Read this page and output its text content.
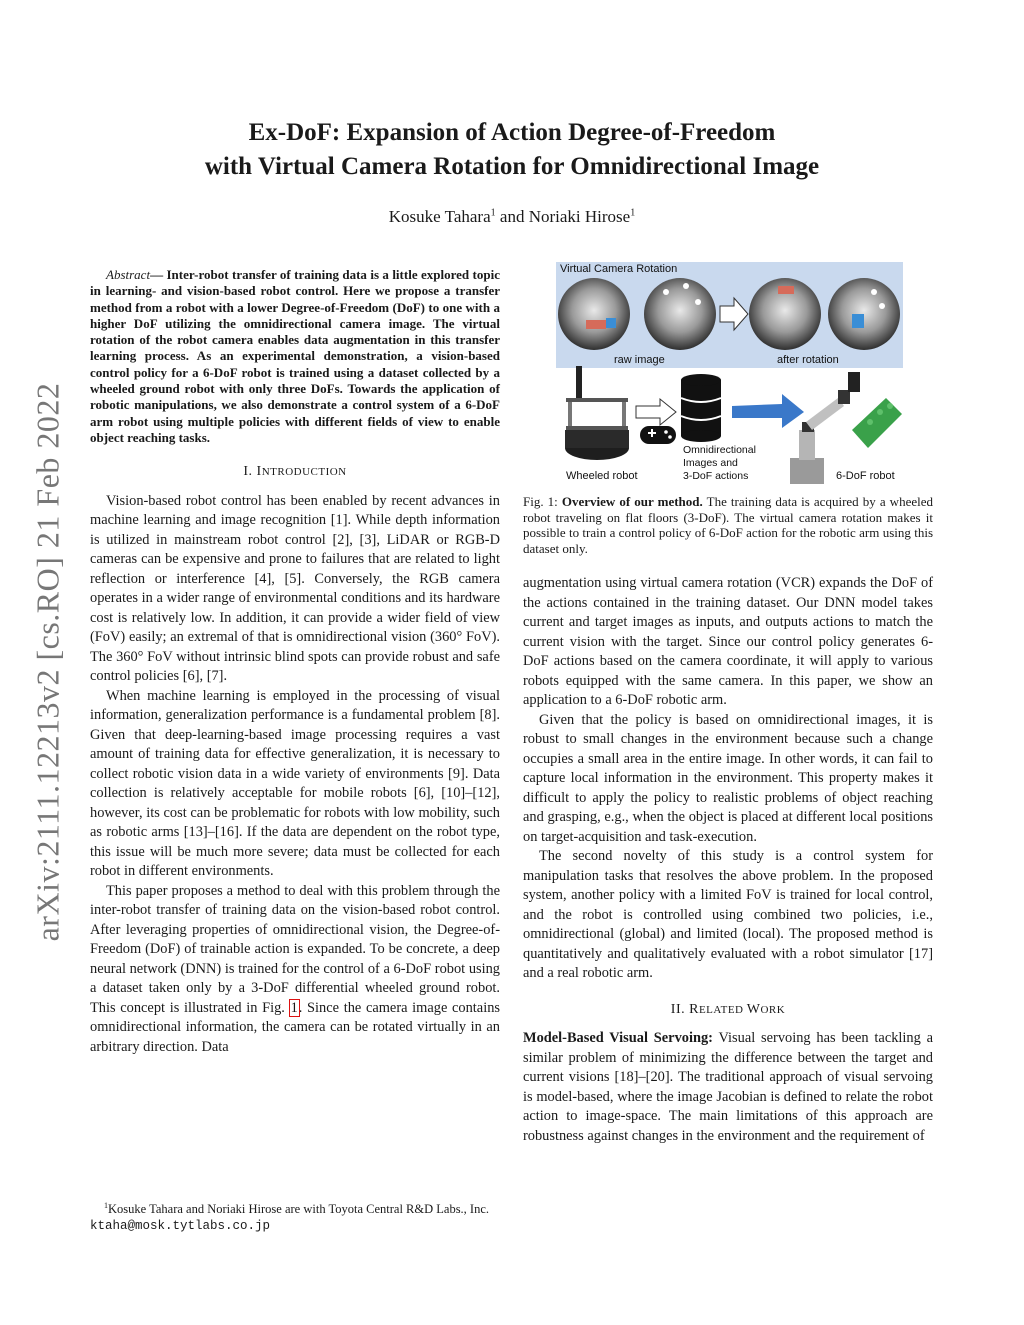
arXiv:2111.12213v2 [cs.RO] 21 Feb 2022
Ex-DoF: Expansion of Action Degree-of-Freedom
with Virtual Camera Rotation for Omnidirectional Image
Kosuke Tahara$^1$ and Noriaki Hirose$^1$

Abstract— Inter-robot transfer of training data is a little explored topic in learning- and vision-based robot control. Here we propose a transfer method from a robot with a lower Degree-of-Freedom (DoF) to one with a higher DoF utilizing the omnidirectional camera image. The virtual rotation of the robot camera enables data augmentation in this transfer learning process. As an experimental demonstration, a vision-based control policy for a 6-DoF robot is trained using a dataset collected by a wheeled ground robot with only three DoFs. Towards the application of robotic manipulations, we also demonstrate a control system of a 6-DoF arm robot using multiple policies with different fields of view to enable object reaching tasks.

I. INTRODUCTION

Vision-based robot control has been enabled by recent advances in machine learning and image recognition [1]. While depth information is utilized in mainstream robot control [2], [3], LiDAR or RGB-D cameras can be expensive and prone to failures that are related to light reflection or interference [4], [5]. Conversely, the RGB camera operates in a wider range of environmental conditions and its hardware cost is relatively low. In addition, it can provide a wider field of view (FoV) easily; an extremal of that is omnidirectional vision (360° FoV). The 360° FoV without intrinsic blind spots can provide robust and safe control policies [6], [7].

When machine learning is employed in the processing of visual information, generalization performance is a fundamental problem [8]. Given that deep-learning-based image processing requires a vast amount of training data for effective generalization, it is necessary to collect robotic vision data in a wide variety of environments [9]. Data collection is relatively acceptable for mobile robots [6], [10]–[12], however, its cost can be problematic for robots with low mobility, such as robotic arms [13]–[16]. If the data are dependent on the robot type, this issue will be much more severe; data must be collected for each robot in different environments.

This paper proposes a method to deal with this problem through the inter-robot transfer of training data on the vision-based robot control. After leveraging properties of omnidirectional vision, the Degree-of-Freedom (DoF) of trainable action is expanded. To be concrete, a deep neural network (DNN) is trained for the control of a 6-DoF robot using a dataset taken only by a 3-DoF differential wheeled ground robot. This concept is illustrated in Fig. 1. Since the camera image contains omnidirectional information, the camera can be rotated virtually in an arbitrary direction. Data

$^1$Kosuke Tahara and Noriaki Hirose are with Toyota Central R&D Labs., Inc. ktaha@mosk.tytlabs.co.jp
Virtual Camera Rotation
raw image	after rotation
Wheeled robot
Omnidirectional
Images and
3-DoF actions	6-DoF robot
Fig. 1: Overview of our method. The training data is acquired by a wheeled robot traveling on flat floors (3-DoF). The virtual camera rotation makes it possible to train a control policy of 6-DoF action for the robotic arm using this dataset only.

augmentation using virtual camera rotation (VCR) expands the DoF of the actions contained in the training dataset. Our DNN model takes current and target images as inputs, and outputs actions to match the current vision with the target. Since our control policy generates 6-DoF actions based on the camera coordinate, it will apply to various robots equipped with the same camera. In this paper, we show an application to a 6-DoF robotic arm.

Given that the policy is based on omnidirectional images, it is robust to small changes in the environment because such a change occupies a small area in the entire image. In other words, it can fail to capture local information in the environment. This property makes it difficult to apply the policy to realistic problems of object reaching and grasping, e.g., when the object is placed at different local positions on target-acquisition and task-execution.

The second novelty of this study is a control system for manipulation tasks that resolves the above problem. In the proposed system, another policy with a limited FoV is trained for local control, and the robot is controlled using combined two policies, i.e., omnidirectional (global) and limited (local). The proposed method is quantitatively and qualitatively evaluated with a robot simulator [17] and a real robotic arm.

II. RELATED WORK

Model-Based Visual Servoing: Visual servoing has been tackling a similar problem of minimizing the difference between the target and current visions [18]–[20]. The traditional approach of visual servoing is model-based, where the image Jacobian is defined to relate the robot action to image-space. The main limitations of this approach are robustness against changes in the environment and the requirement of
